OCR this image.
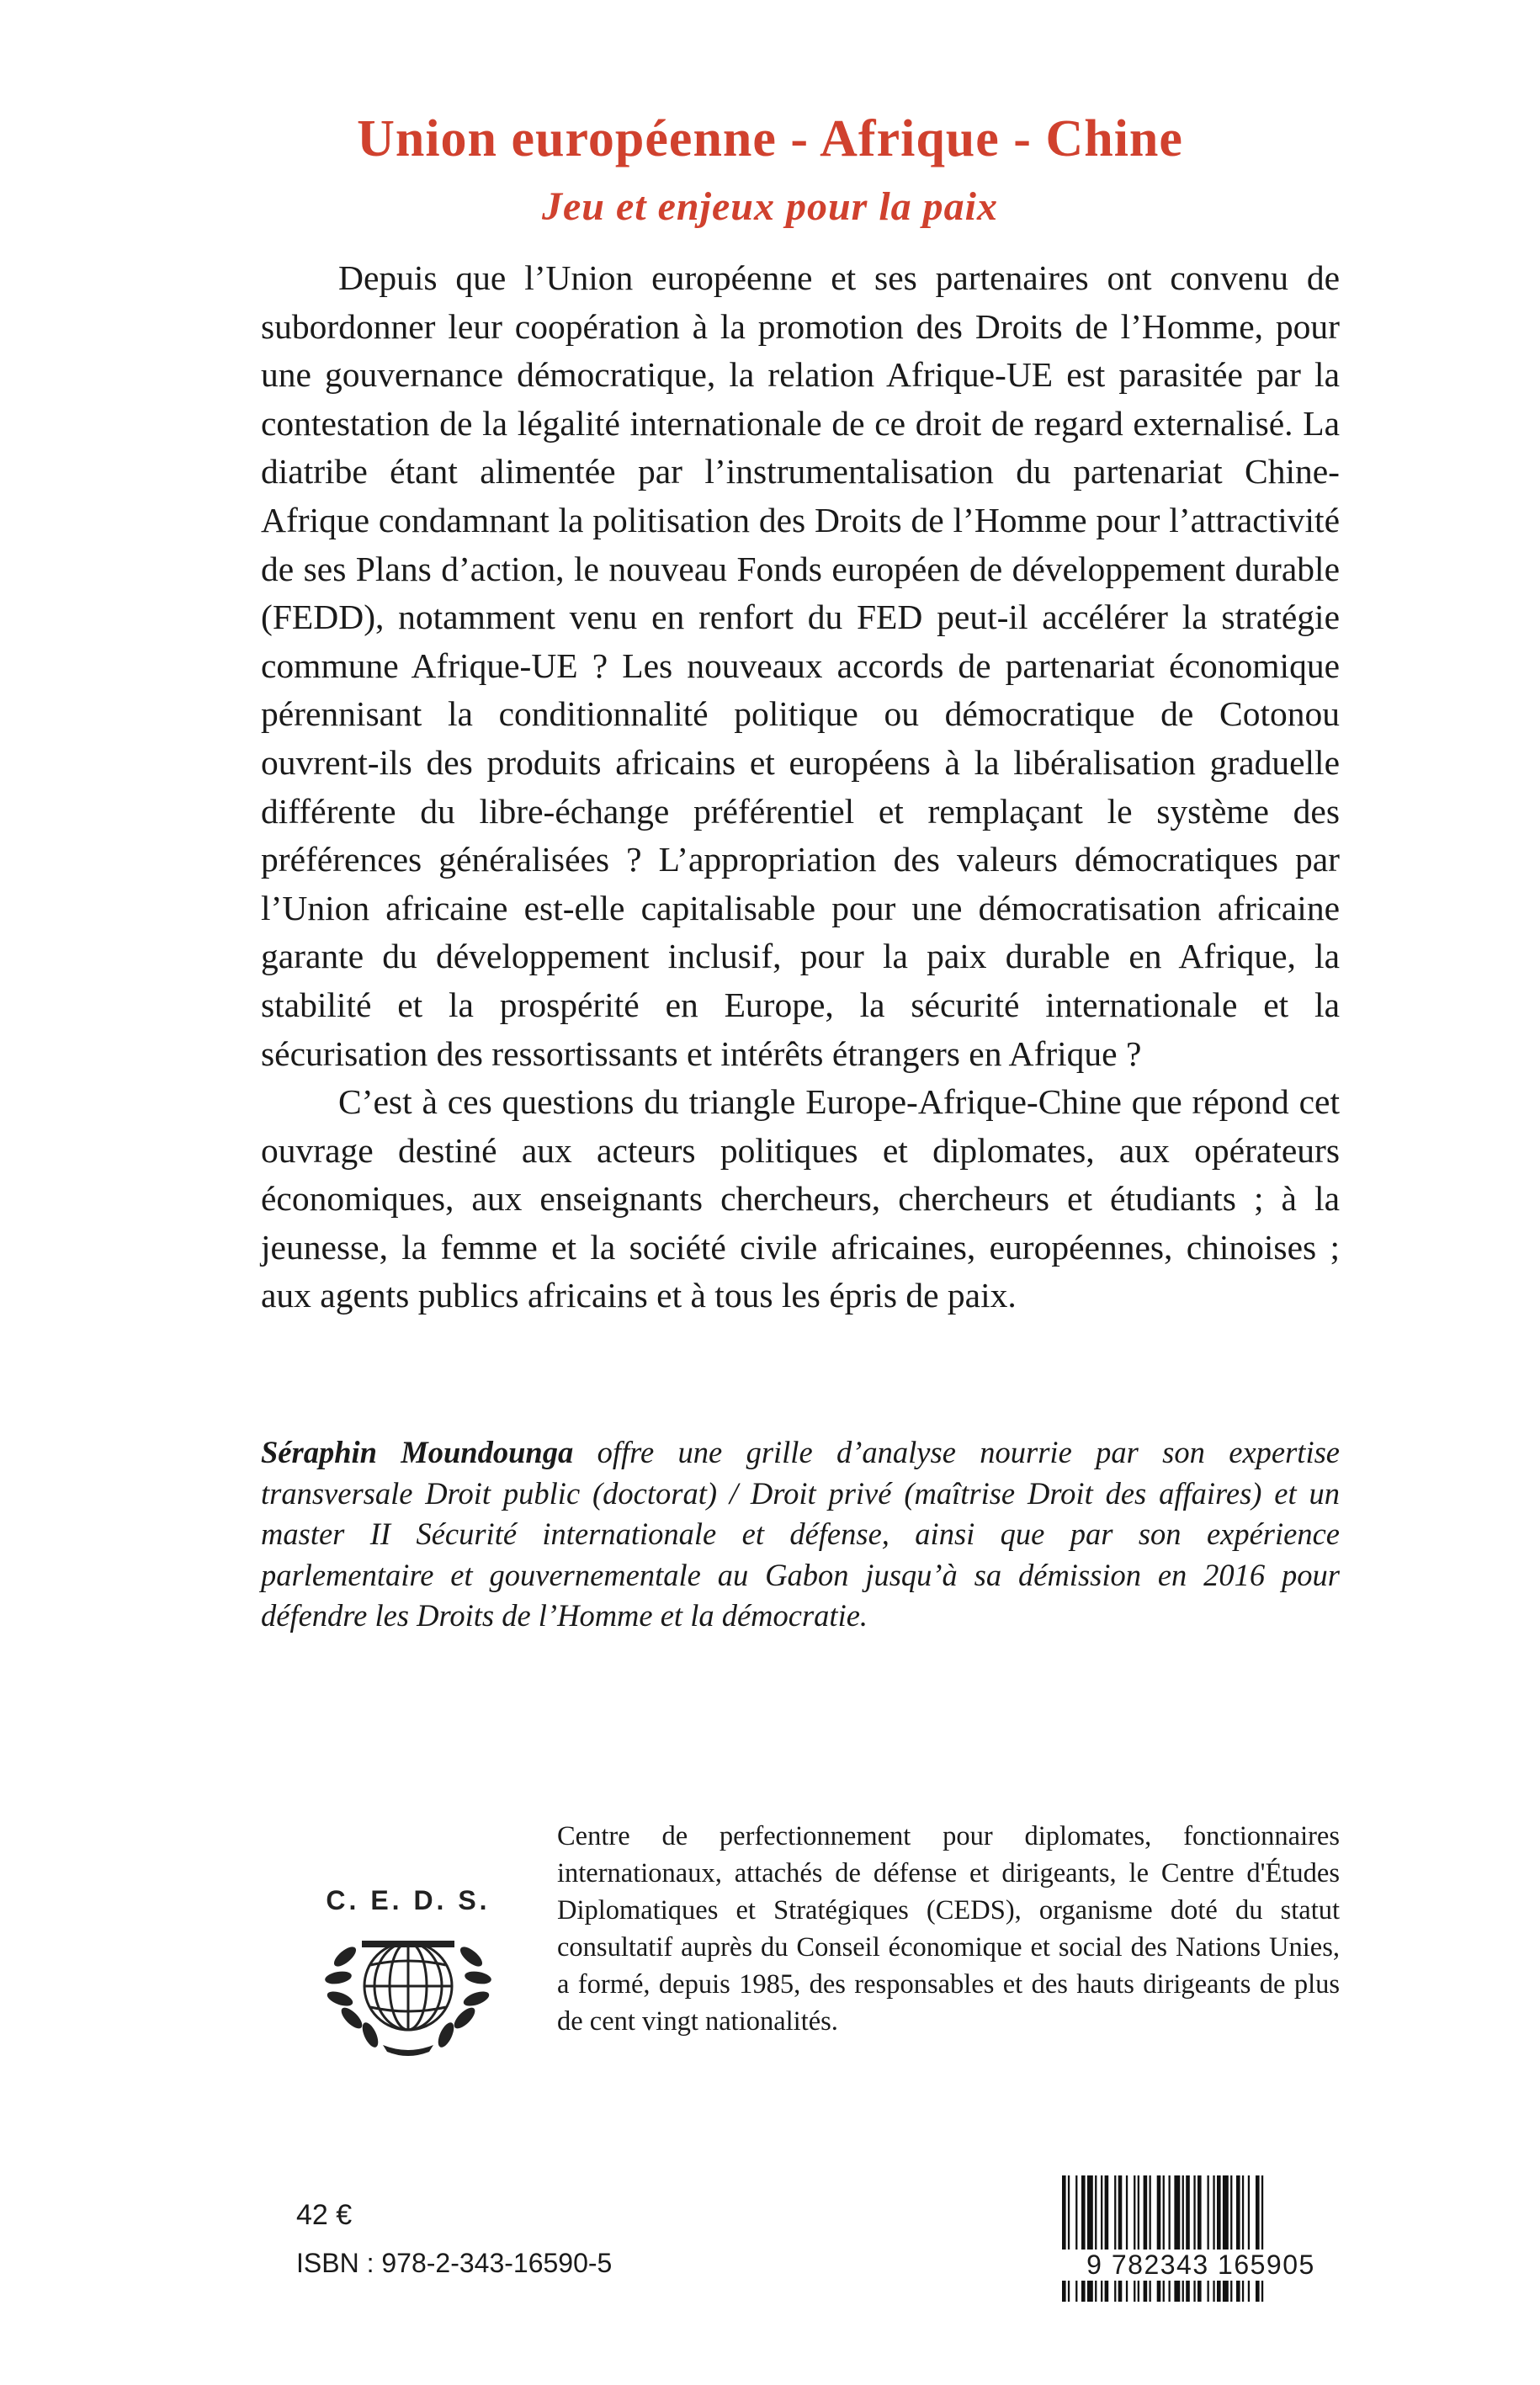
Union européenne - Afrique - Chine
Jeu et enjeux pour la paix

Depuis que l’Union européenne et ses partenaires ont convenu de subordonner leur coopération à la promotion des Droits de l’Homme, pour une gouvernance démocratique, la relation Afrique-UE est parasitée par la contestation de la légalité internationale de ce droit de regard externalisé. La diatribe étant alimentée par l’instrumentalisation du partenariat Chine-Afrique condamnant la politisation des Droits de l’Homme pour l’attractivité de ses Plans d’action, le nouveau Fonds européen de développement durable (FEDD), notamment venu en renfort du FED peut-il accélérer la stratégie commune Afrique-UE ? Les nouveaux accords de partenariat économique pérennisant la conditionnalité politique ou démocratique de Cotonou ouvrent-ils des produits africains et européens à la libéralisation graduelle différente du libre-échange préférentiel et remplaçant le système des préférences généralisées ? L’appropriation des valeurs démocratiques par l’Union africaine est-elle capitalisable pour une démocratisation africaine garante du développement inclusif, pour la paix durable en Afrique, la stabilité et la prospérité en Europe, la sécurité internationale et la sécurisation des ressortissants et intérêts étrangers en Afrique ?

C’est à ces questions du triangle Europe-Afrique-Chine que répond cet ouvrage destiné aux acteurs politiques et diplomates, aux opérateurs économiques, aux enseignants chercheurs, chercheurs et étudiants ; à la jeunesse, la femme et la société civile africaines, européennes, chinoises ; aux agents publics africains et à tous les épris de paix.

Séraphin Moundounga offre une grille d’analyse nourrie par son expertise transversale Droit public (doctorat) / Droit privé (maîtrise Droit des affaires) et un master II Sécurité internationale et défense, ainsi que par son expérience parlementaire et gouvernementale au Gabon jusqu’à sa démission en 2016 pour défendre les Droits de l’Homme et la démocratie.

C. E. D. S.

Centre de perfectionnement pour diplomates, fonctionnaires internationaux, attachés de défense et dirigeants, le Centre d'Études Diplomatiques et Stratégiques (CEDS), organisme doté du statut consultatif auprès du Conseil économique et social des Nations Unies, a formé, depuis 1985, des responsables et des hauts dirigeants de plus de cent vingt nationalités.

42 €

ISBN : 978-2-343-16590-5	9 782343 165905
